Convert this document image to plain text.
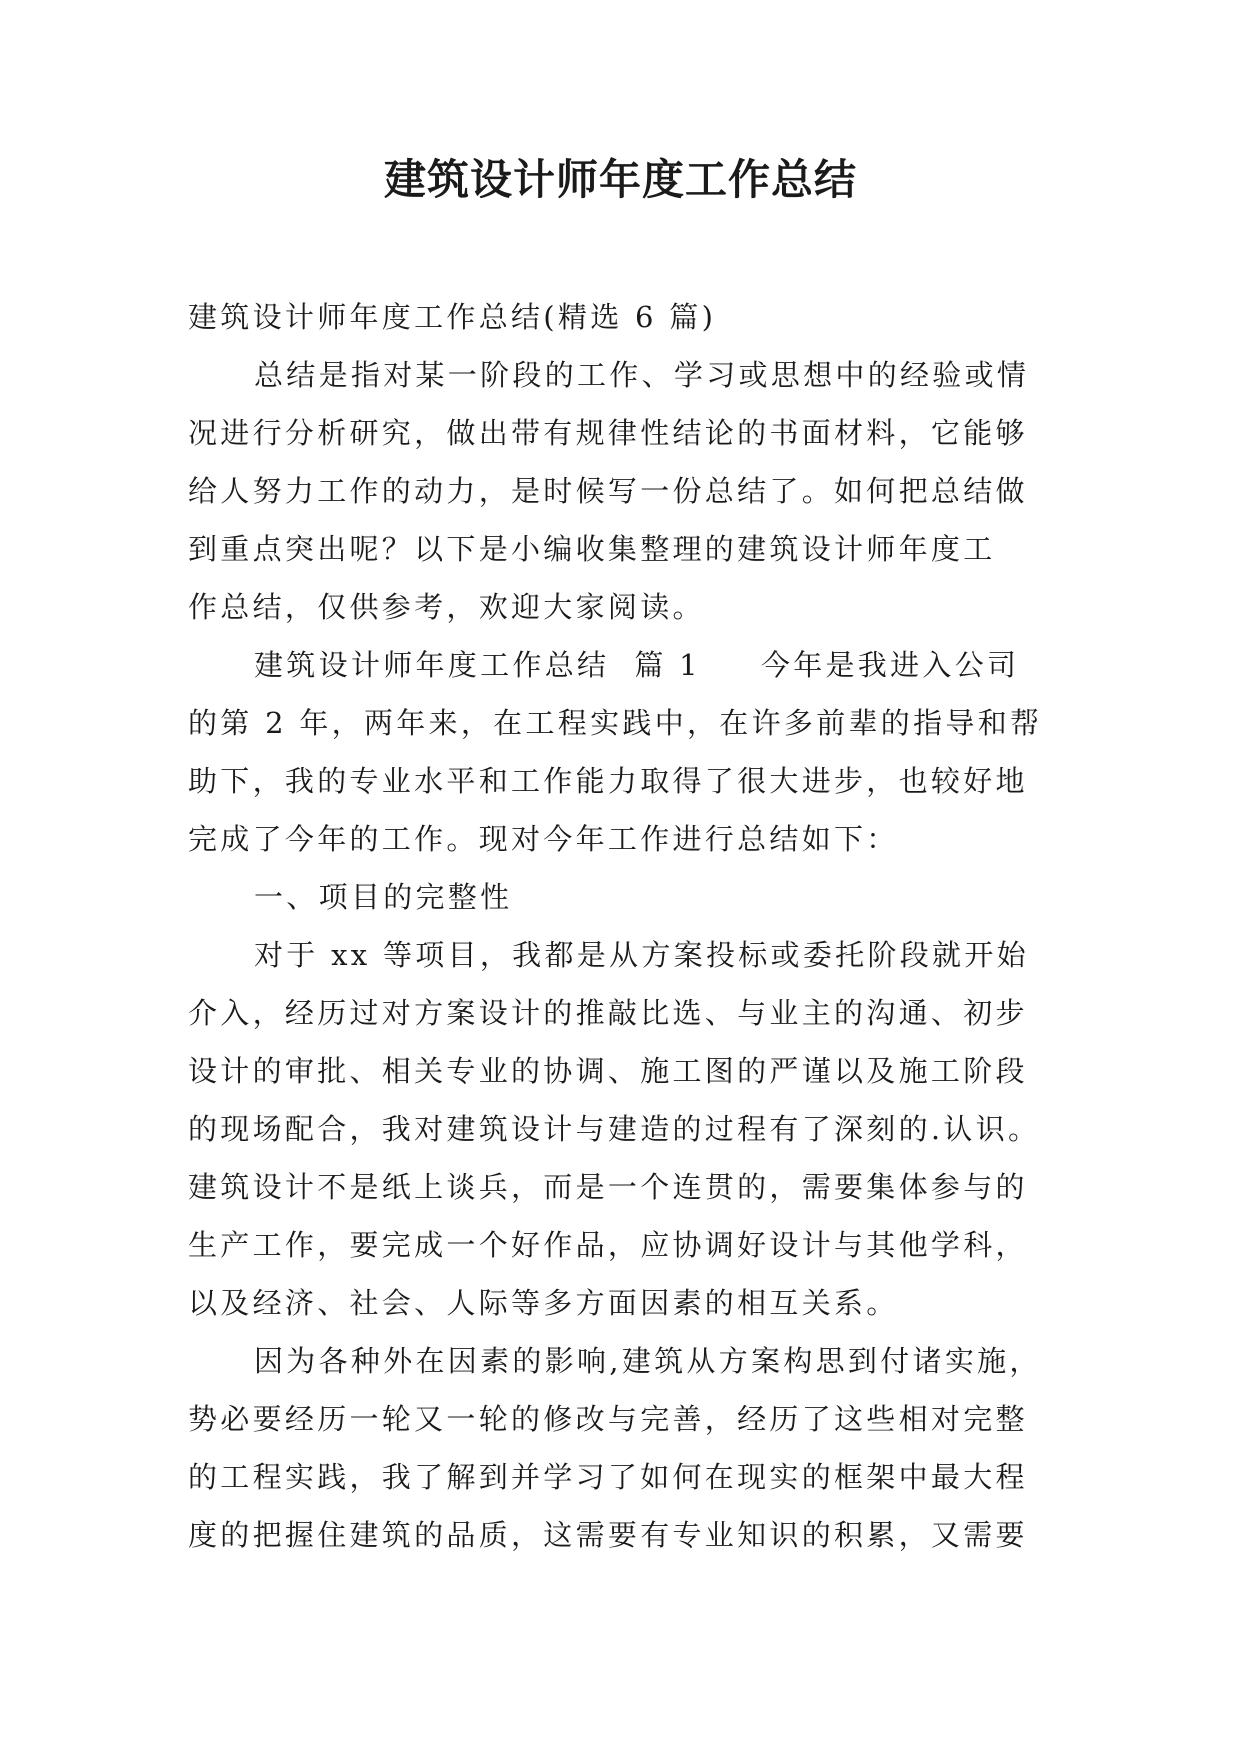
建筑设计师年度工作总结
建筑设计师年度工作总结(精选 6 篇)
总结是指对某一阶段的工作、学习或思想中的经验或情
况进行分析研究，做出带有规律性结论的书面材料，它能够
给人努力工作的动力，是时候写一份总结了。如何把总结做
到重点突出呢？以下是小编收集整理的建筑设计师年度工
作总结，仅供参考，欢迎大家阅读。
建筑设计师年度工作总结  篇 1 今年是我进入公司
的第 2 年，两年来，在工程实践中，在许多前辈的指导和帮
助下，我的专业水平和工作能力取得了很大进步，也较好地
完成了今年的工作。现对今年工作进行总结如下：
一、项目的完整性
对于 xx 等项目，我都是从方案投标或委托阶段就开始
介入，经历过对方案设计的推敲比选、与业主的沟通、初步
设计的审批、相关专业的协调、施工图的严谨以及施工阶段
的现场配合，我对建筑设计与建造的过程有了深刻的.认识。
建筑设计不是纸上谈兵，而是一个连贯的，需要集体参与的
生产工作，要完成一个好作品，应协调好设计与其他学科，
以及经济、社会、人际等多方面因素的相互关系。
因为各种外在因素的影响,建筑从方案构思到付诸实施，
势必要经历一轮又一轮的修改与完善，经历了这些相对完整
的工程实践，我了解到并学习了如何在现实的框架中最大程
度的把握住建筑的品质，这需要有专业知识的积累，又需要
